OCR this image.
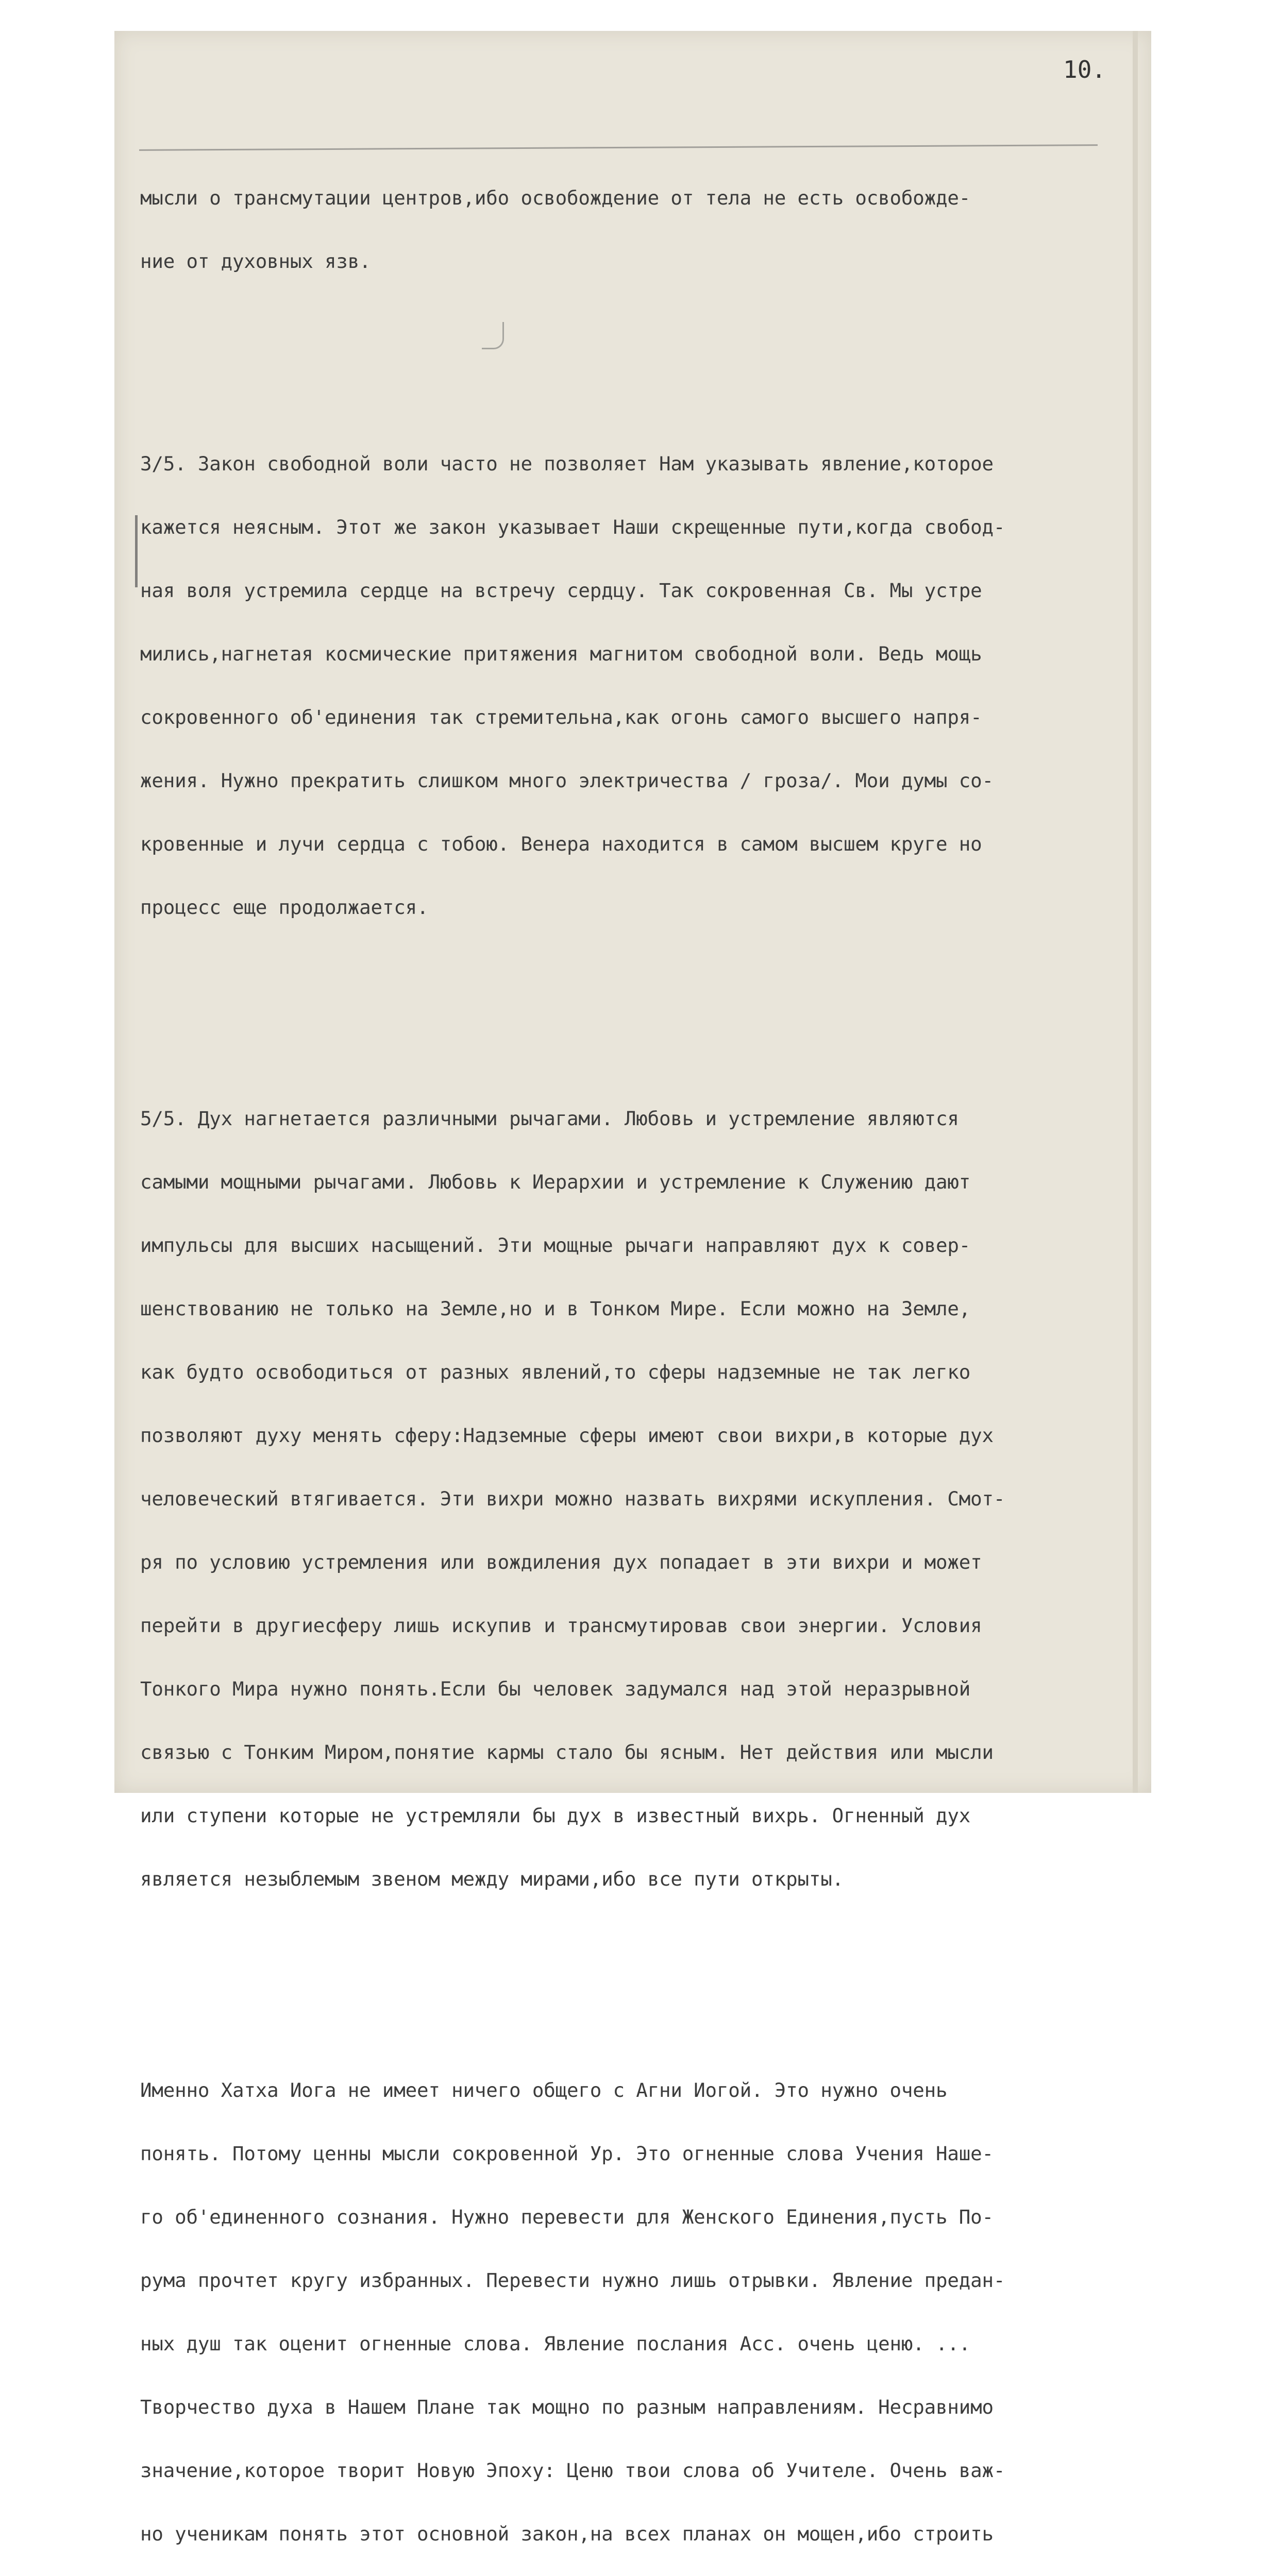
10.

мысли о трансмутации центров,ибо освобождение от тела не есть освобожде-

ние от духовных язв.

3/5. Закон свободной воли часто не позволяет Нам указывать явление,которое

кажется неясным. Этот же закон указывает Наши скрещенные пути,когда свобод-

ная воля устремила сердце на встречу сердцу. Так сокровенная Св. Мы устре

мились,нагнетая космические притяжения магнитом свободной воли. Ведь мощь

сокровенного об'единения так стремительна,как огонь самого высшего напря-

жения. Нужно прекратить слишком много электричества / гроза/. Мои думы со-

кровенные и лучи сердца с тобою. Венера находится в самом высшем круге но

процесс еще продолжается.

5/5. Дух нагнетается различными рычагами. Любовь и устремление являются

самыми мощными рычагами. Любовь к Иерархии и устремление к Служению дают

импульсы для высших насыщений. Эти мощные рычаги направляют дух к совер-

шенствованию не только на Земле,но и в Тонком Мире. Если можно на Земле,

как будто освободиться от разных явлений,то сферы надземные не так легко

позволяют духу менять сферу:Надземные сферы имеют свои вихри,в которые дух

человеческий втягивается. Эти вихри можно назвать вихрями искупления. Смот-

ря по условию устремления или вождиления дух попадает в эти вихри и может

перейти в другиесферу лишь искупив и трансмутировав свои энергии. Условия

Тонкого Мира нужно понять.Если бы человек задумался над этой неразрывной

связью с Тонким Миром,понятие кармы стало бы ясным. Нет действия или мысли

или ступени которые не устремляли бы дух в известный вихрь. Огненный дух

является незыблемым звеном между мирами,ибо все пути открыты.

Именно Хатха Иога не имеет ничего общего с Агни Иогой. Это нужно очень

понять. Потому ценны мысли сокровенной Ур. Это огненные слова Учения Наше-

го об'единенного сознания. Нужно перевести для Женского Единения,пусть По-

рума прочтет кругу избранных. Перевести нужно лишь отрывки. Явление предан-

ных душ так оценит огненные слова. Явление послания Асс. очень ценю. ...

Творчество духа в Нашем Плане так мощно по разным направлениям. Несравнимо

значение,которое творит Новую Эпоху: Ценю твои слова об Учителе. Очень важ-

но ученикам понять этот основной закон,на всех планах он мощен,ибо строить
